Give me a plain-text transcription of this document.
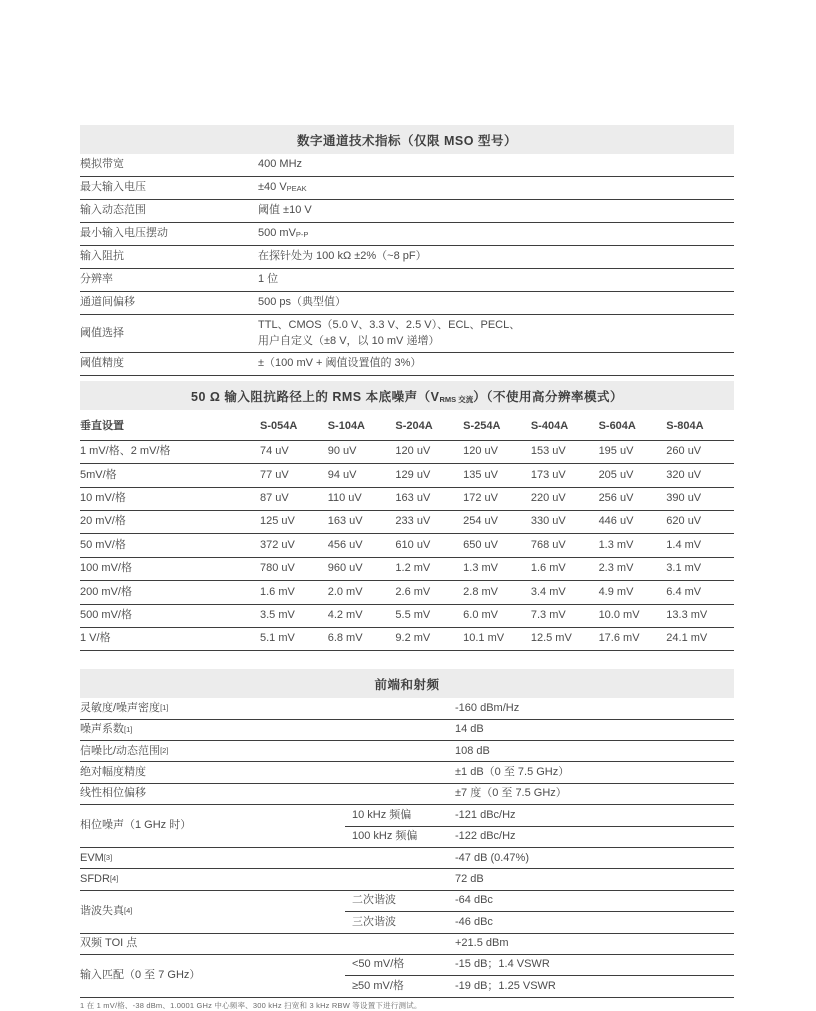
数字通道技术指标（仅限 MSO 型号）
模拟带宽	400 MHz
最大输入电压	±40 $V_{PEAK}$
输入动态范围	阈值 ±10 V
最小输入电压摆动	500 $mV_{P-P}$
输入阻抗	在探针处为 100 kΩ ±2%（~8 pF）
分辨率	1 位
通道间偏移	500 ps（典型值）
阈值选择
TTL、CMOS（5.0 V、3.3 V、2.5 V）、ECL、PECL、
用户自定义（±8 V，以 10 mV 递增）
阈值精度	±（100 mV + 阈值设置值的 3%）
50 Ω 输入阻抗路径上的 RMS 本底噪声$(V_{RMS 交流})$（不使用高分辨率模式）
垂直设置	S-054A	S-104A	S-204A	S-254A	S-404A	S-604A	S-804A
1 mV/格、2 mV/格	74 uV	90 uV	120 uV	120 uV	153 uV	195 uV	260 uV
5mV/格	77 uV	94 uV	129 uV	135 uV	173 uV	205 uV	320 uV
10 mV/格	87 uV	110 uV	163 uV	172 uV	220 uV	256 uV	390 uV
20 mV/格	125 uV	163 uV	233 uV	254 uV	330 uV	446 uV	620 uV
50 mV/格	372 uV	456 uV	610 uV	650 uV	768 uV	1.3 mV	1.4 mV
100 mV/格	780 uV	960 uV	1.2 mV	1.3 mV	1.6 mV	2.3 mV	3.1 mV
200 mV/格	1.6 mV	2.0 mV	2.6 mV	2.8 mV	3.4 mV	4.9 mV	6.4 mV
500 mV/格	3.5 mV	4.2 mV	5.5 mV	6.0 mV	7.3 mV	10.0 mV	13.3 mV
1 V/格	5.1 mV	6.8 mV	9.2 mV	10.1 mV	12.5 mV	17.6 mV	24.1 mV
前端和射频
灵敏度/噪声密度 [1]	-160 dBm/Hz
噪声系数 [1]	14 dB
信噪比/动态范围 [2]	108 dB
绝对幅度精度	±1 dB（0 至 7.5 GHz）
线性相位偏移	±7 度（0 至 7.5 GHz）
相位噪声（1 GHz 时）
10 kHz 频偏	-121 dBc/Hz
100 kHz 频偏	-122 dBc/Hz
EVM [3]	-47 dB (0.47%)
SFDR [4]	72 dB
谐波失真 [4]
二次谐波	-64 dBc
三次谐波	-46 dBc
双频 TOI 点	+21.5 dBm
输入匹配（0 至 7 GHz）
<50 mV/格	-15 dB；1.4 VSWR
≥50 mV/格	-19 dB；1.25 VSWR
1 在 1 mV/格、-38 dBm、1.0001 GHz 中心频率、300 kHz 扫宽和 3 kHz RBW 等设置下进行测试。
